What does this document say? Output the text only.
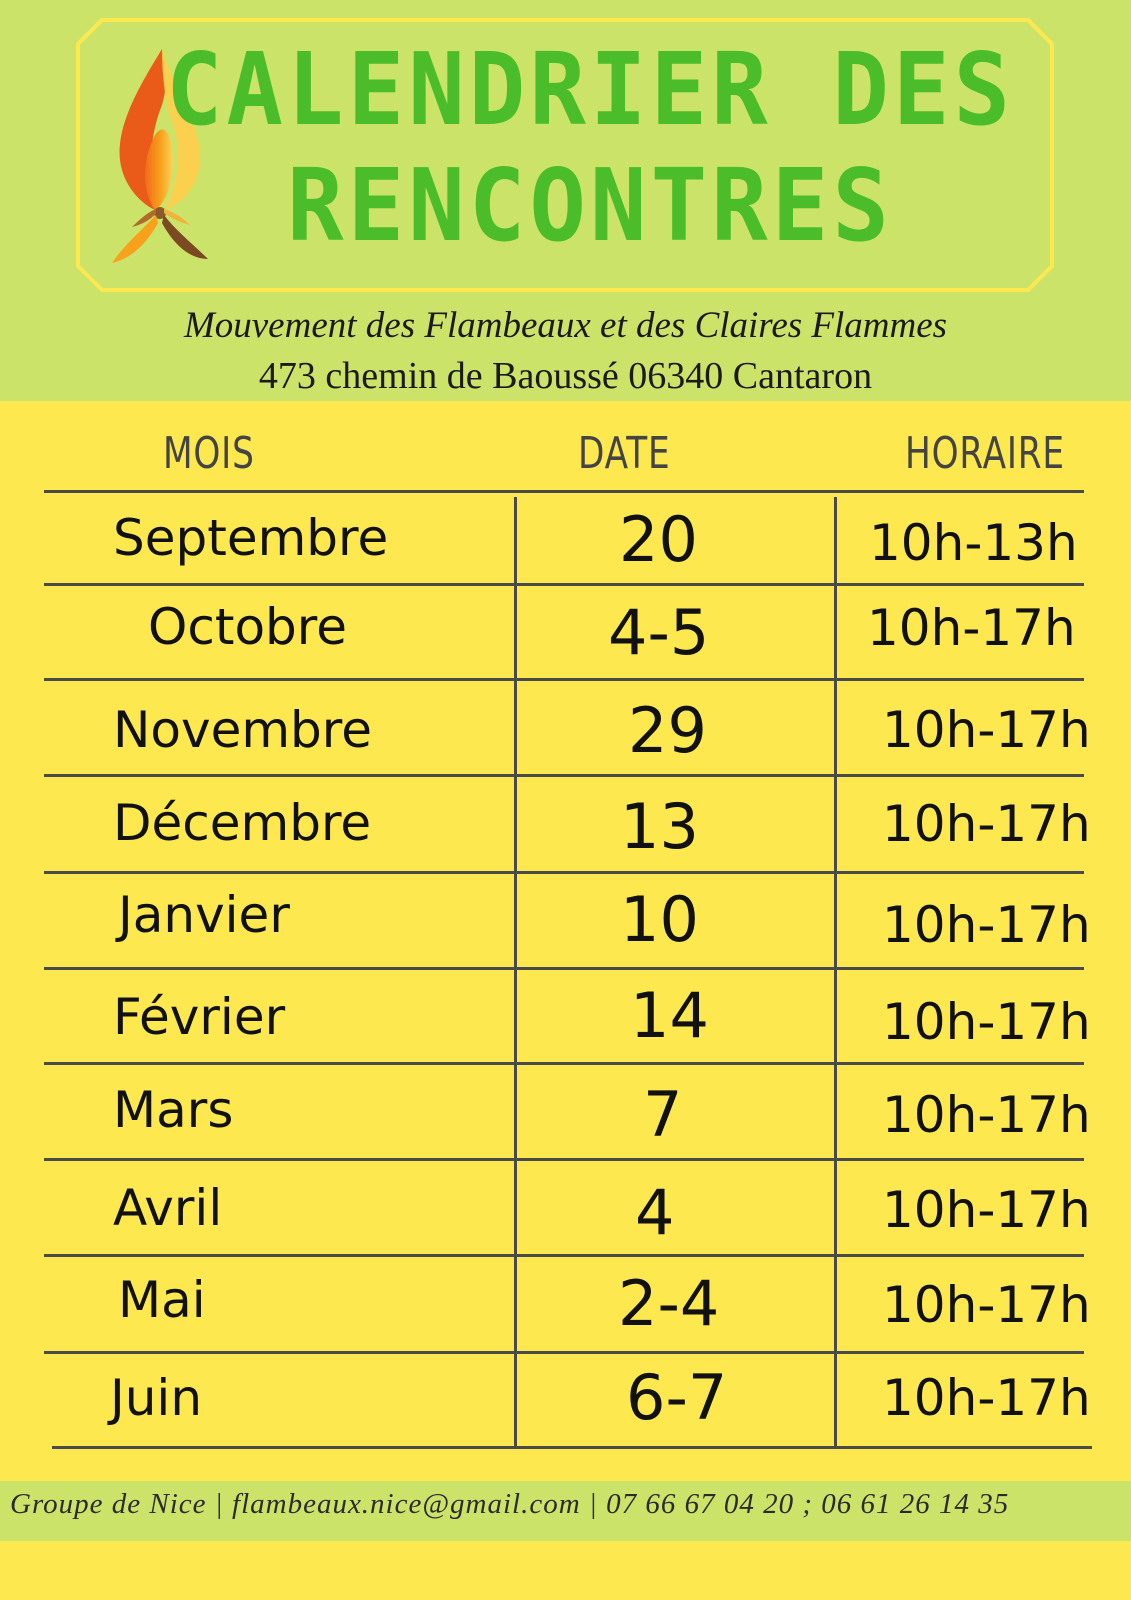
CALENDRIER DES
RENCONTRES
Mouvement des Flambeaux et des Claires Flammes
473 chemin de Baoussé 06340 Cantaron
MOIS	DATE	HORAIRE
Septembre	20	10h-13h
Octobre	4-5	10h-17h
Novembre	29	10h-17h
Décembre	13	10h-17h
Janvier	10	10h-17h
Février	14	10h-17h
Mars	7	10h-17h
Avril	4	10h-17h
Mai	2-4	10h-17h
Juin	6-7	10h-17h
Groupe de Nice | flambeaux.nice@gmail.com | 07 66 67 04 20 ; 06 61 26 14 35
